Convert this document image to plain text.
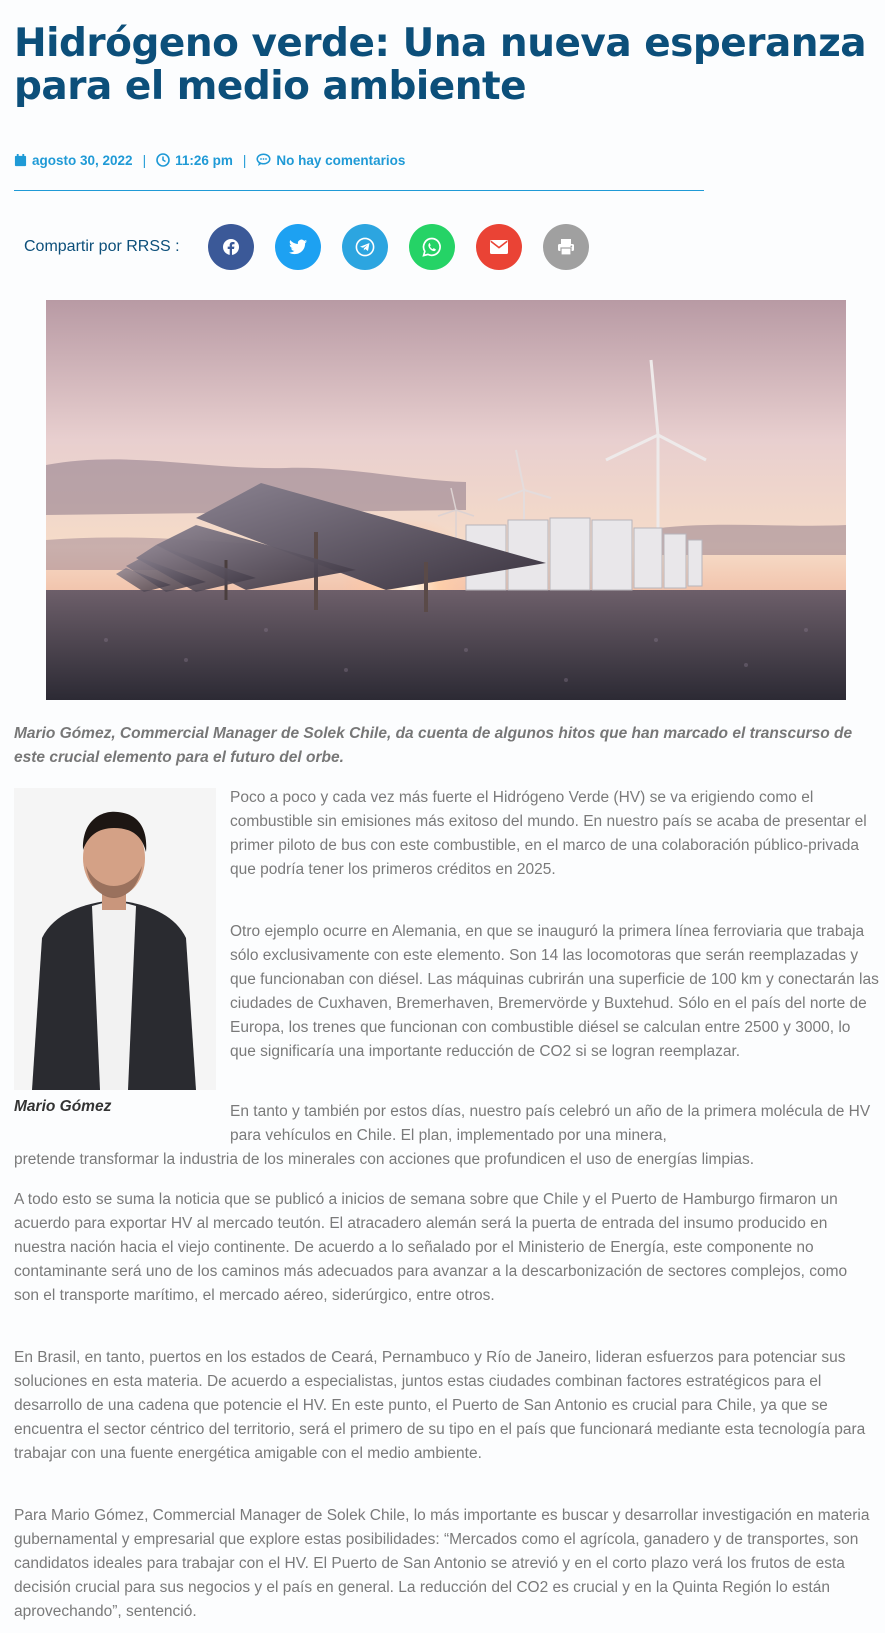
Hidrógeno verde: Una nueva esperanza para el medio ambiente
agosto 30, 2022 | 11:26 pm | No hay comentarios
Compartir por RRSS :

Mario Gómez, Commercial Manager de Solek Chile, da cuenta de algunos hitos que han marcado el transcurso de este crucial elemento para el futuro del orbe.

Mario Gómez

Poco a poco y cada vez más fuerte el Hidrógeno Verde (HV) se va erigiendo como el combustible sin emisiones más exitoso del mundo. En nuestro país se acaba de presentar el primer piloto de bus con este combustible, en el marco de una colaboración público-privada que podría tener los primeros créditos en 2025.

Otro ejemplo ocurre en Alemania, en que se inauguró la primera línea ferroviaria que trabaja sólo exclusivamente con este elemento. Son 14 las locomotoras que serán reemplazadas y que funcionaban con diésel. Las máquinas cubrirán una superficie de 100 km y conectarán las ciudades de Cuxhaven, Bremerhaven, Bremervörde y Buxtehud. Sólo en el país del norte de Europa, los trenes que funcionan con combustible diésel se calculan entre 2500 y 3000, lo que significaría una importante reducción de CO2 si se logran reemplazar.

En tanto y también por estos días, nuestro país celebró un año de la primera molécula de HV para vehículos en Chile. El plan, implementado por una minera,

pretende transformar la industria de los minerales con acciones que profundicen el uso de energías limpias.

A todo esto se suma la noticia que se publicó a inicios de semana sobre que Chile y el Puerto de Hamburgo firmaron un acuerdo para exportar HV al mercado teutón. El atracadero alemán será la puerta de entrada del insumo producido en nuestra nación hacia el viejo continente. De acuerdo a lo señalado por el Ministerio de Energía, este componente no contaminante será uno de los caminos más adecuados para avanzar a la descarbonización de sectores complejos, como son el transporte marítimo, el mercado aéreo, siderúrgico, entre otros.

En Brasil, en tanto, puertos en los estados de Ceará, Pernambuco y Río de Janeiro, lideran esfuerzos para potenciar sus soluciones en esta materia. De acuerdo a especialistas, juntos estas ciudades combinan factores estratégicos para el desarrollo de una cadena que potencie el HV. En este punto, el Puerto de San Antonio es crucial para Chile, ya que se encuentra el sector céntrico del territorio, será el primero de su tipo en el país que funcionará mediante esta tecnología para trabajar con una fuente energética amigable con el medio ambiente.

Para Mario Gómez, Commercial Manager de Solek Chile, lo más importante es buscar y desarrollar investigación en materia gubernamental y empresarial que explore estas posibilidades: “Mercados como el agrícola, ganadero y de transportes, son candidatos ideales para trabajar con el HV. El Puerto de San Antonio se atrevió y en el corto plazo verá los frutos de esta decisión crucial para sus negocios y el país en general. La reducción del CO2 es crucial y en la Quinta Región lo están aprovechando”, sentenció.
